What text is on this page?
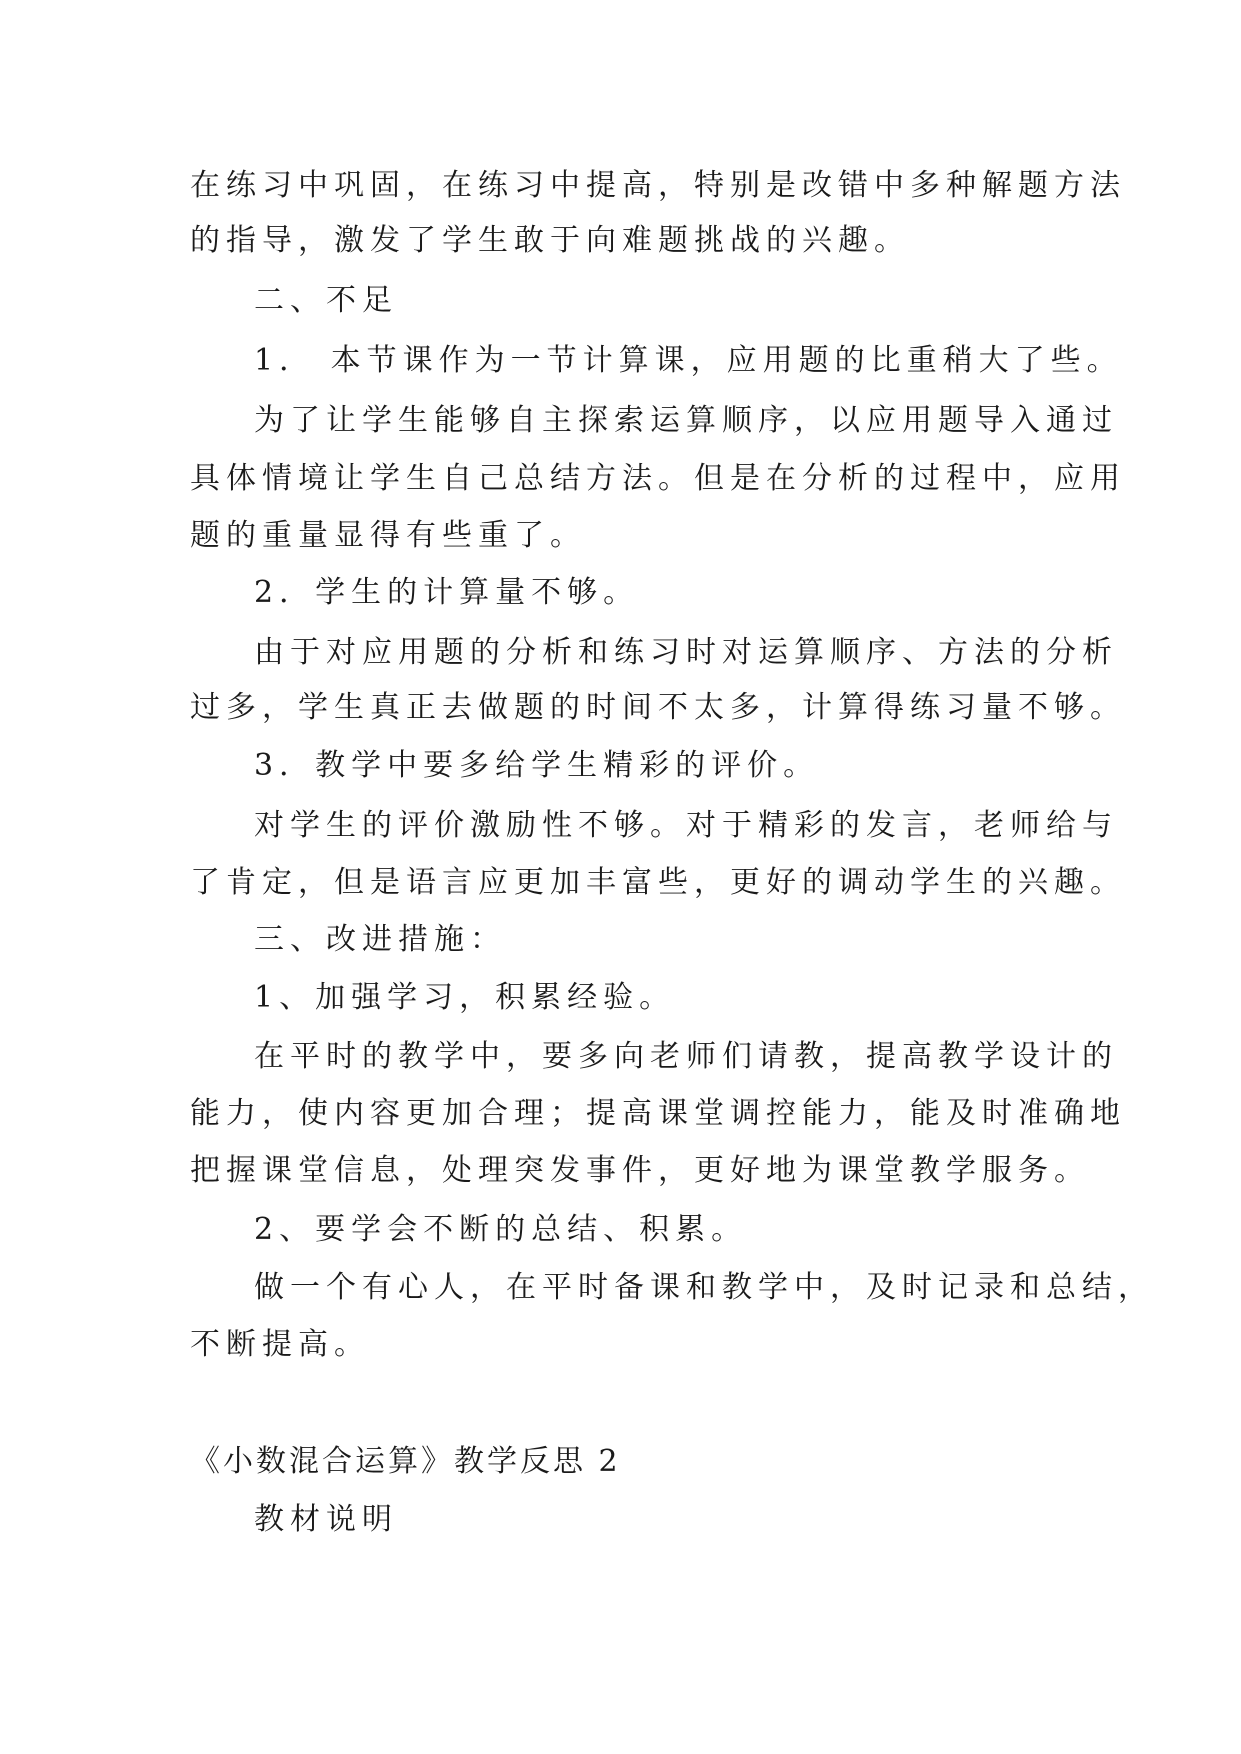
在练习中巩固，在练习中提高，特别是改错中多种解题方法
的指导，激发了学生敢于向难题挑战的兴趣。
二、不足
1． 本节课作为一节计算课，应用题的比重稍大了些。
为了让学生能够自主探索运算顺序，以应用题导入通过
具体情境让学生自己总结方法。但是在分析的过程中，应用
题的重量显得有些重了。
2．学生的计算量不够。
由于对应用题的分析和练习时对运算顺序、方法的分析
过多，学生真正去做题的时间不太多，计算得练习量不够。
3．教学中要多给学生精彩的评价。
对学生的评价激励性不够。对于精彩的发言，老师给与
了肯定，但是语言应更加丰富些，更好的调动学生的兴趣。
三、改进措施：
1、加强学习，积累经验。
在平时的教学中，要多向老师们请教，提高教学设计的
能力，使内容更加合理；提高课堂调控能力，能及时准确地
把握课堂信息，处理突发事件，更好地为课堂教学服务。
2、要学会不断的总结、积累。
做一个有心人，在平时备课和教学中，及时记录和总结，
不断提高。
《小数混合运算》教学反思 2
教材说明
